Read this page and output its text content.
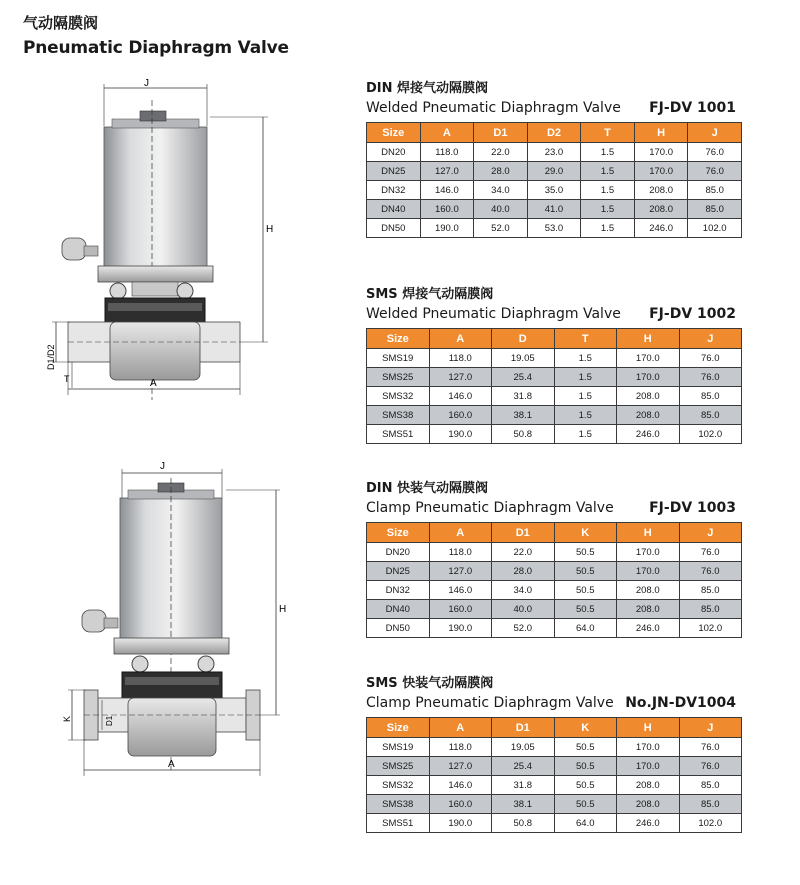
气动隔膜阀
Pneumatic Diaphragm Valve
J
H
A
D1/D2
T
J
H
A
K	D1
DIN 焊接气动隔膜阀
Welded Pneumatic Diaphragm Valve FJ-DV 1001
Size	A	D1	D2	T	H	J
DN20	118.0	22.0	23.0	1.5	170.0	76.0
DN25	127.0	28.0	29.0	1.5	170.0	76.0
DN32	146.0	34.0	35.0	1.5	208.0	85.0
DN40	160.0	40.0	41.0	1.5	208.0	85.0
DN50	190.0	52.0	53.0	1.5	246.0	102.0
SMS 焊接气动隔膜阀
Welded Pneumatic Diaphragm Valve FJ-DV 1002
Size	A	D	T	H	J
SMS19	118.0	19.05	1.5	170.0	76.0
SMS25	127.0	25.4	1.5	170.0	76.0
SMS32	146.0	31.8	1.5	208.0	85.0
SMS38	160.0	38.1	1.5	208.0	85.0
SMS51	190.0	50.8	1.5	246.0	102.0
DIN 快装气动隔膜阀
Clamp Pneumatic Diaphragm Valve	FJ-DV 1003
Size	A	D1	K	H	J
DN20	118.0	22.0	50.5	170.0	76.0
DN25	127.0	28.0	50.5	170.0	76.0
DN32	146.0	34.0	50.5	208.0	85.0
DN40	160.0	40.0	50.5	208.0	85.0
DN50	190.0	52.0	64.0	246.0	102.0
SMS 快装气动隔膜阀
Clamp Pneumatic Diaphragm Valve No.JN-DV1004
Size	A	D1	K	H	J
SMS19	118.0	19.05	50.5	170.0	76.0
SMS25	127.0	25.4	50.5	170.0	76.0
SMS32	146.0	31.8	50.5	208.0	85.0
SMS38	160.0	38.1	50.5	208.0	85.0
SMS51	190.0	50.8	64.0	246.0	102.0
